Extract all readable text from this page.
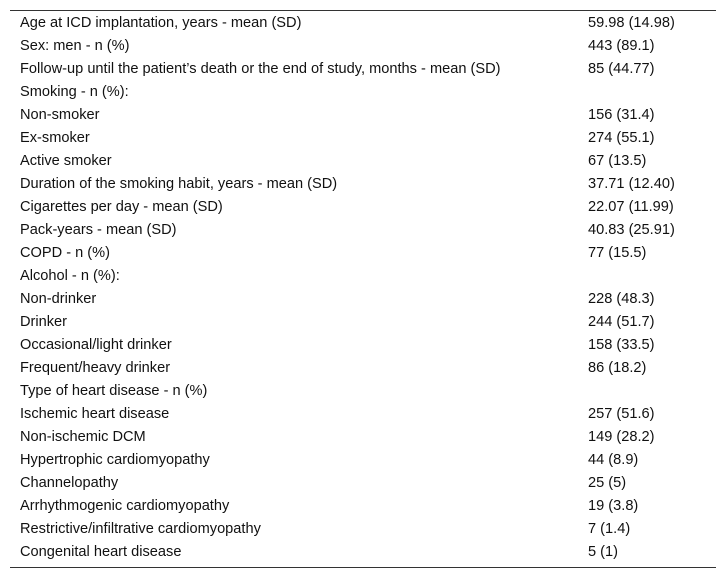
Age at ICD implantation, years - mean (SD)	59.98 (14.98)
Sex: men - n (%)	443 (89.1)
Follow-up until the patient’s death or the end of study, months - mean (SD)	85 (44.77)
Smoking - n (%):	
Non-smoker	156 (31.4)
Ex-smoker	274 (55.1)
Active smoker	67 (13.5)
Duration of the smoking habit, years - mean (SD)	37.71 (12.40)
Cigarettes per day - mean (SD)	22.07 (11.99)
Pack-years - mean (SD)	40.83 (25.91)
COPD - n (%)	77 (15.5)
Alcohol - n (%):	
Non-drinker	228 (48.3)
Drinker	244 (51.7)
Occasional/light drinker	158 (33.5)
Frequent/heavy drinker	86 (18.2)
Type of heart disease - n (%)	
Ischemic heart disease	257 (51.6)
Non-ischemic DCM	149 (28.2)
Hypertrophic cardiomyopathy	44 (8.9)
Channelopathy	25 (5)
Arrhythmogenic cardiomyopathy	19 (3.8)
Restrictive/infiltrative cardiomyopathy	7 (1.4)
Congenital heart disease	5 (1)
